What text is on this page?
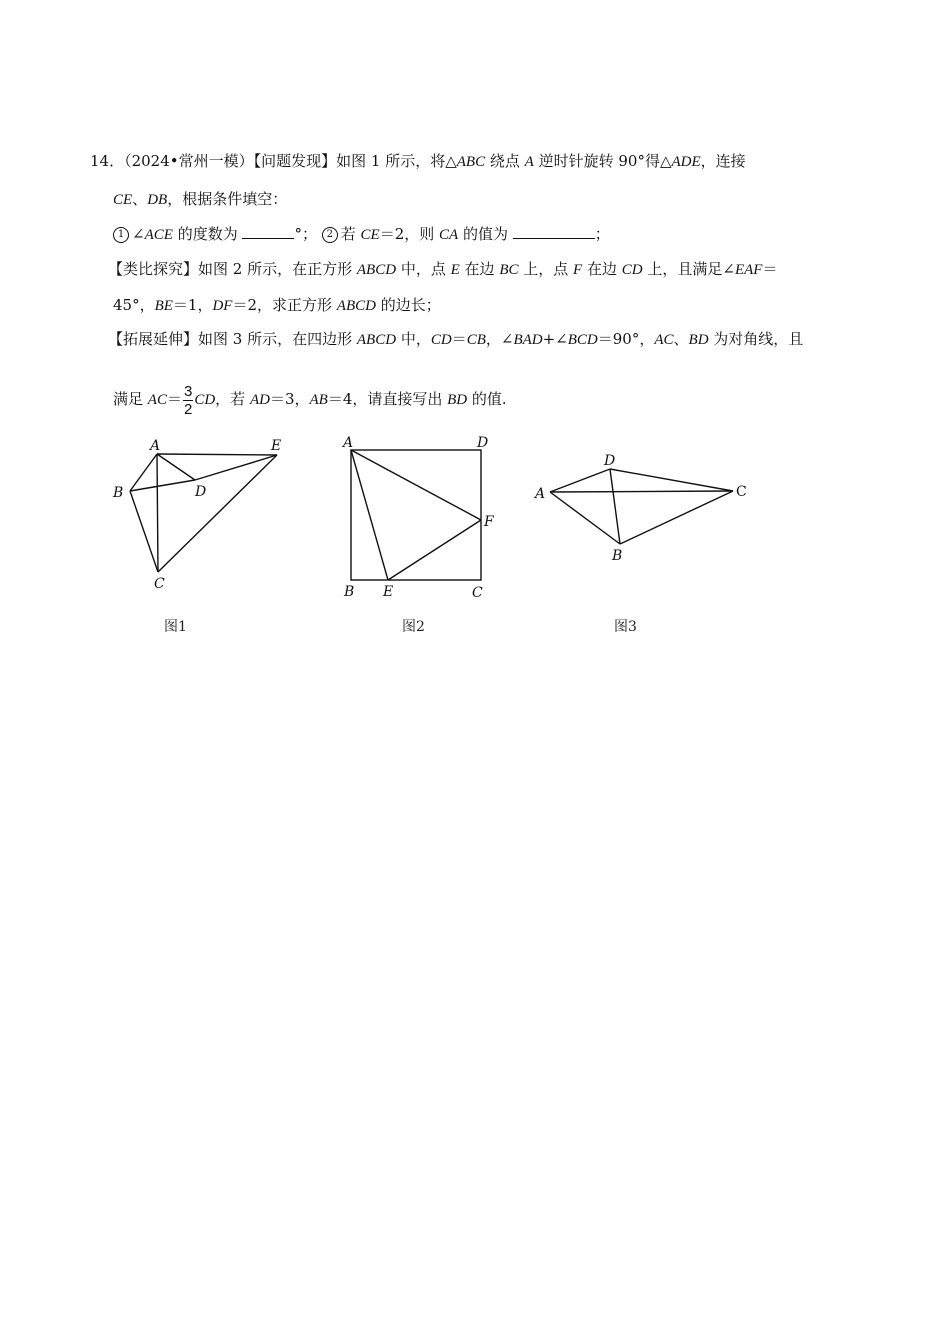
14．（2024•常州一模）【问题发现】如图 1 所示，将△ABC 绕点 A 逆时针旋转 90°得△ADE，连接
CE、DB，根据条件填空：
1 ∠ACE 的度数为	°； 2 若 CE＝2，则 CA 的值为	；
【类比探究】如图 2 所示，在正方形 ABCD 中，点 E 在边 BC 上，点 F 在边 CD 上，且满足∠EAF＝
45°，BE＝1，DF＝2，求正方形 ABCD 的边长；
【拓展延伸】如图 3 所示，在四边形 ABCD 中，CD＝CB，∠BAD+∠BCD＝90°，AC、BD 为对角线，且
满足 $AC= \frac{3}{2}$ CD，若 AD＝3，AB＝4，请直接写出 BD 的值.
A	E
B	D
C
图1
A	D
F
B E	C
图2
A
D
C
B
图3
